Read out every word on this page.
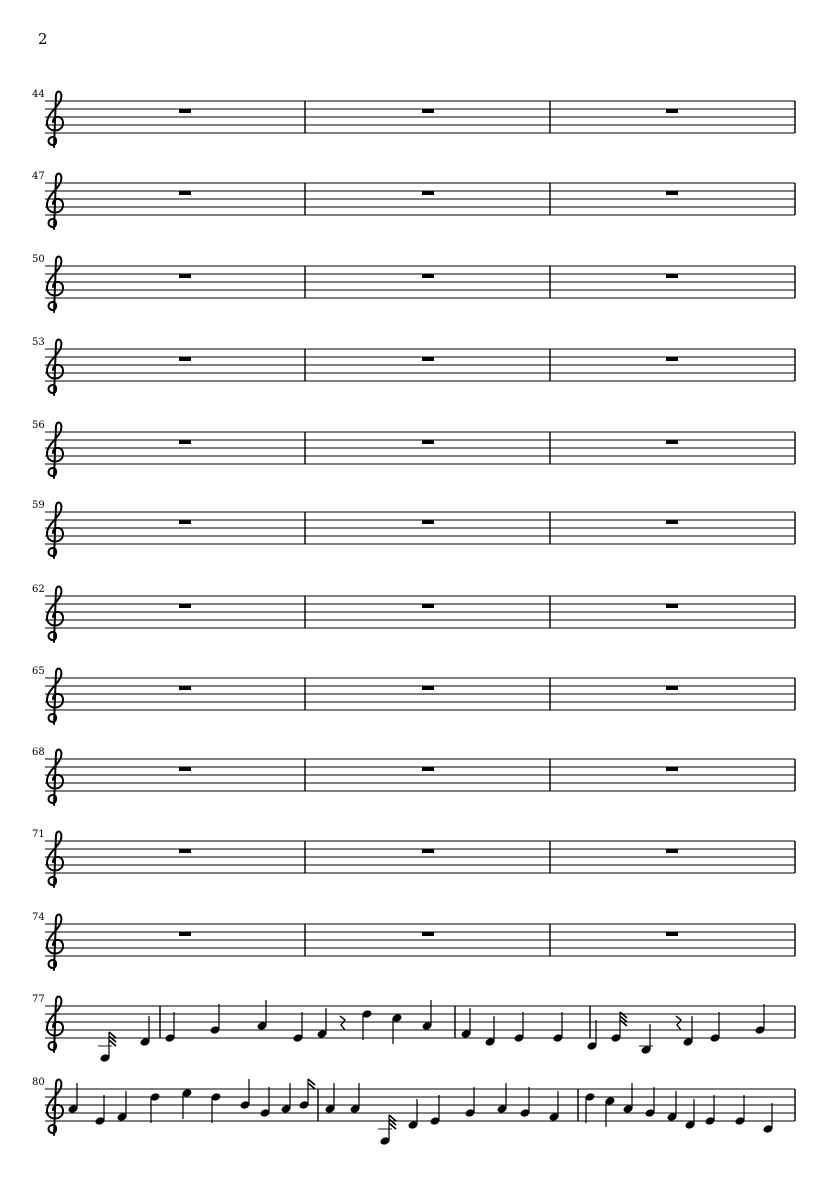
2
44
47
50
53
56
59
62
65
68
71
74
77
80
